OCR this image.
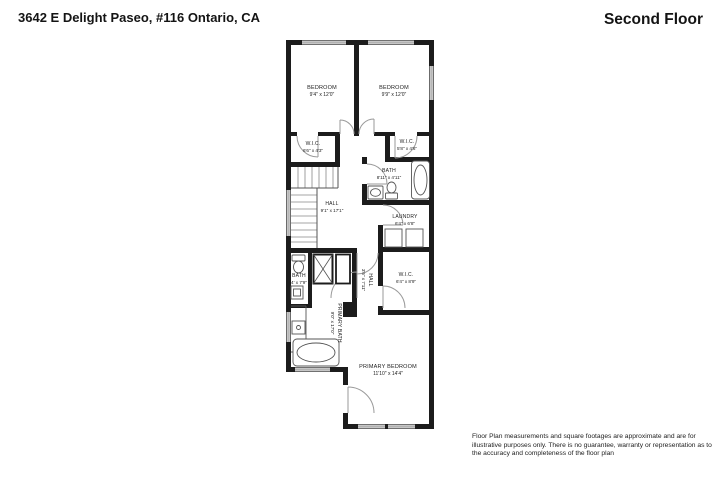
3642 E Delight Paseo, #116 Ontario, CA	Second Floor
BEDROOM
9'4" x 12'0"
BEDROOM
9'9" x 12'0"
W.I.C.
6'6" x 4'3"
W.I.C.
5'8" x 4'6"
BATH
8'11" x 4'11"
HALL
9'1" x 17'1"
LAUNDRY
6'4" x 6'8"
BATH
4' x 7'9"	HALL
3'6" x 7'11"	W.I.C.
6'4" x 8'9"
PRIMARY BATH
9'0" x 17'0"
PRIMARY BEDROOM
11'10" x 14'4"
Floor Plan measurements and square footages are approximate and are for illustrative purposes only. There is no guarantee, warranty or representation as to the accuracy and completeness of the floor plan
